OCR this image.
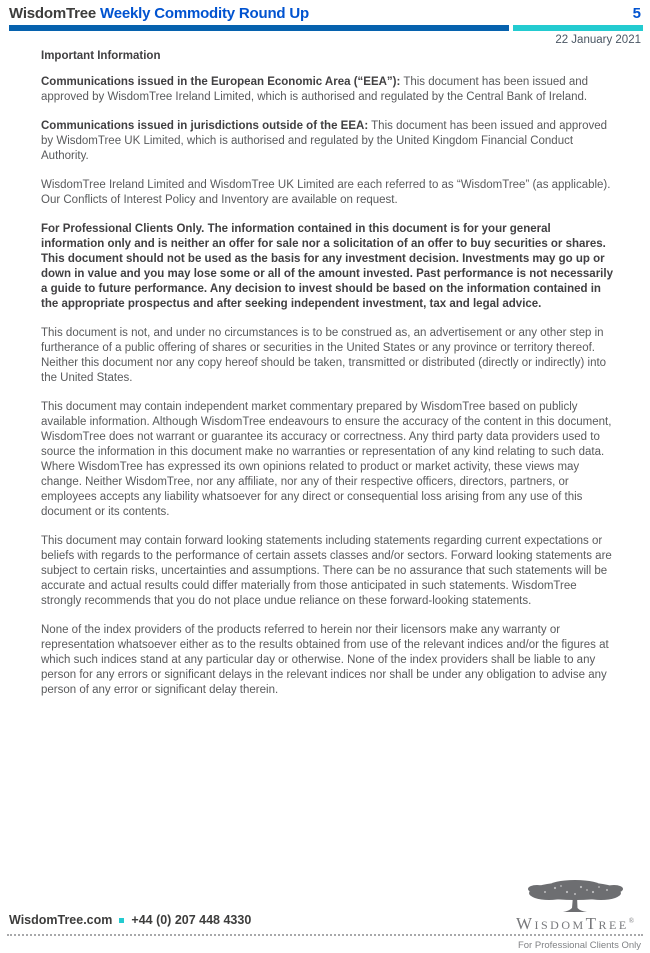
WisdomTree Weekly Commodity Round Up	5
22 January 2021
Important Information

Communications issued in the European Economic Area (“EEA”): This document has been issued and approved by WisdomTree Ireland Limited, which is authorised and regulated by the Central Bank of Ireland.

Communications issued in jurisdictions outside of the EEA: This document has been issued and approved by WisdomTree UK Limited, which is authorised and regulated by the United Kingdom Financial Conduct Authority.

WisdomTree Ireland Limited and WisdomTree UK Limited are each referred to as “WisdomTree” (as applicable). Our Conflicts of Interest Policy and Inventory are available on request.

For Professional Clients Only. The information contained in this document is for your general information only and is neither an offer for sale nor a solicitation of an offer to buy securities or shares. This document should not be used as the basis for any investment decision. Investments may go up or down in value and you may lose some or all of the amount invested. Past performance is not necessarily a guide to future performance. Any decision to invest should be based on the information contained in the appropriate prospectus and after seeking independent investment, tax and legal advice.

This document is not, and under no circumstances is to be construed as, an advertisement or any other step in furtherance of a public offering of shares or securities in the United States or any province or territory thereof. Neither this document nor any copy hereof should be taken, transmitted or distributed (directly or indirectly) into the United States.

This document may contain independent market commentary prepared by WisdomTree based on publicly available information. Although WisdomTree endeavours to ensure the accuracy of the content in this document, WisdomTree does not warrant or guarantee its accuracy or correctness. Any third party data providers used to source the information in this document make no warranties or representation of any kind relating to such data. Where WisdomTree has expressed its own opinions related to product or market activity, these views may change. Neither WisdomTree, nor any affiliate, nor any of their respective officers, directors, partners, or employees accepts any liability whatsoever for any direct or consequential loss arising from any use of this document or its contents.

This document may contain forward looking statements including statements regarding current expectations or beliefs with regards to the performance of certain assets classes and/or sectors. Forward looking statements are subject to certain risks, uncertainties and assumptions. There can be no assurance that such statements will be accurate and actual results could differ materially from those anticipated in such statements. WisdomTree strongly recommends that you do not place undue reliance on these forward-looking statements.

None of the index providers of the products referred to herein nor their licensors make any warranty or representation whatsoever either as to the results obtained from use of the relevant indices and/or the figures at which such indices stand at any particular day or otherwise. None of the index providers shall be liable to any person for any errors or significant delays in the relevant indices nor shall be under any obligation to advise any person of any error or significant delay therein.

WisdomTree.com +44 (0) 207 448 4330	WisdomTree®
For Professional Clients Only
